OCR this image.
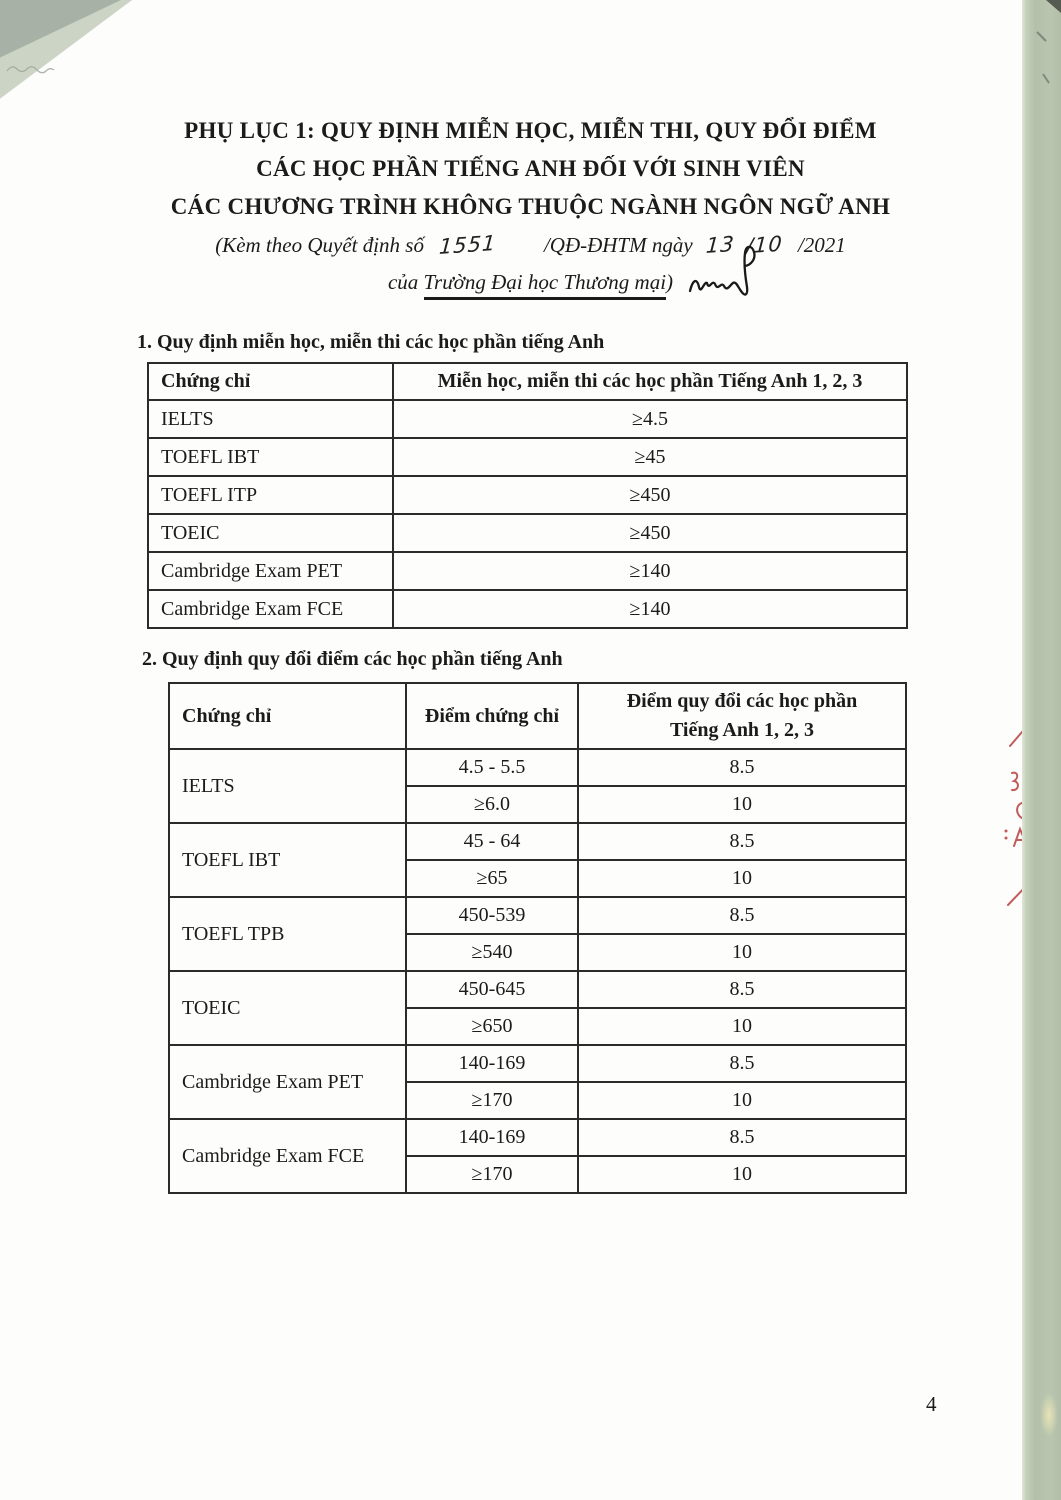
PHỤ LỤC 1: QUY ĐỊNH MIỄN HỌC, MIỄN THI, QUY ĐỔI ĐIỂM
CÁC HỌC PHẦN TIẾNG ANH ĐỐI VỚI SINH VIÊN
CÁC CHƯƠNG TRÌNH KHÔNG THUỘC NGÀNH NGÔN NGỮ ANH
(Kèm theo Quyết định số 1551 /QĐ-ĐHTM ngày 13 /10 /2021
của Trường Đại học Thương mại)
1. Quy định miễn học, miễn thi các học phần tiếng Anh
Chứng chỉ	Miễn học, miễn thi các học phần Tiếng Anh 1, 2, 3
IELTS	≥4.5
TOEFL IBT	≥45
TOEFL ITP	≥450
TOEIC	≥450
Cambridge Exam PET	≥140
Cambridge Exam FCE	≥140
2. Quy định quy đổi điểm các học phần tiếng Anh
Chứng chỉ	Điểm chứng chỉ	Điểm quy đổi các học phần
Tiếng Anh 1, 2, 3

IELTS	4.5 - 5.5	8.5
	≥6.0	10
TOEFL IBT	45 - 64	8.5
	≥65	10
TOEFL TPB	450-539	8.5
	≥540	10
TOEIC	450-645	8.5
	≥650	10
Cambridge Exam PET	140-169	8.5
	≥170	10
Cambridge Exam FCE	140-169	8.5
	≥170	10
4
